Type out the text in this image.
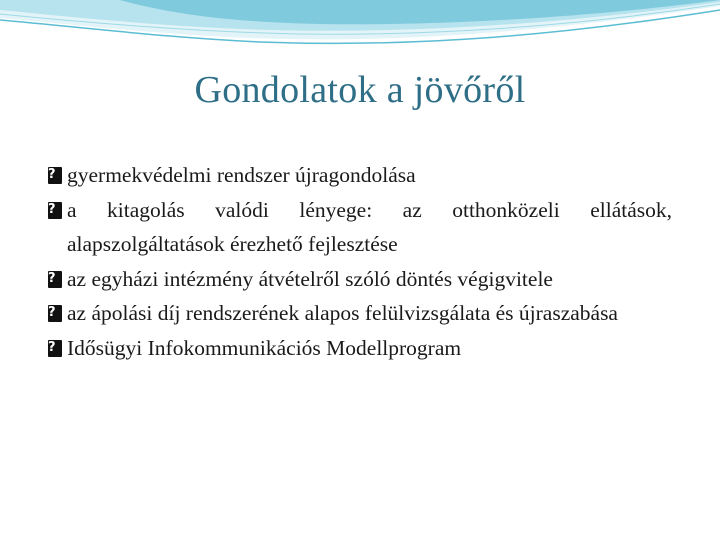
Gondolatok a jövőről
?
gyermekvédelmi rendszer újragondolása
?
a kitagolás valódi lényege: az otthonközeli ellátások, alapszolgáltatások érezhető fejlesztése
?
az egyházi intézmény átvételről szóló döntés végigvitele
?
az ápolási díj rendszerének alapos felülvizsgálata és újraszabása
?
Idősügyi Infokommunikációs Modellprogram
